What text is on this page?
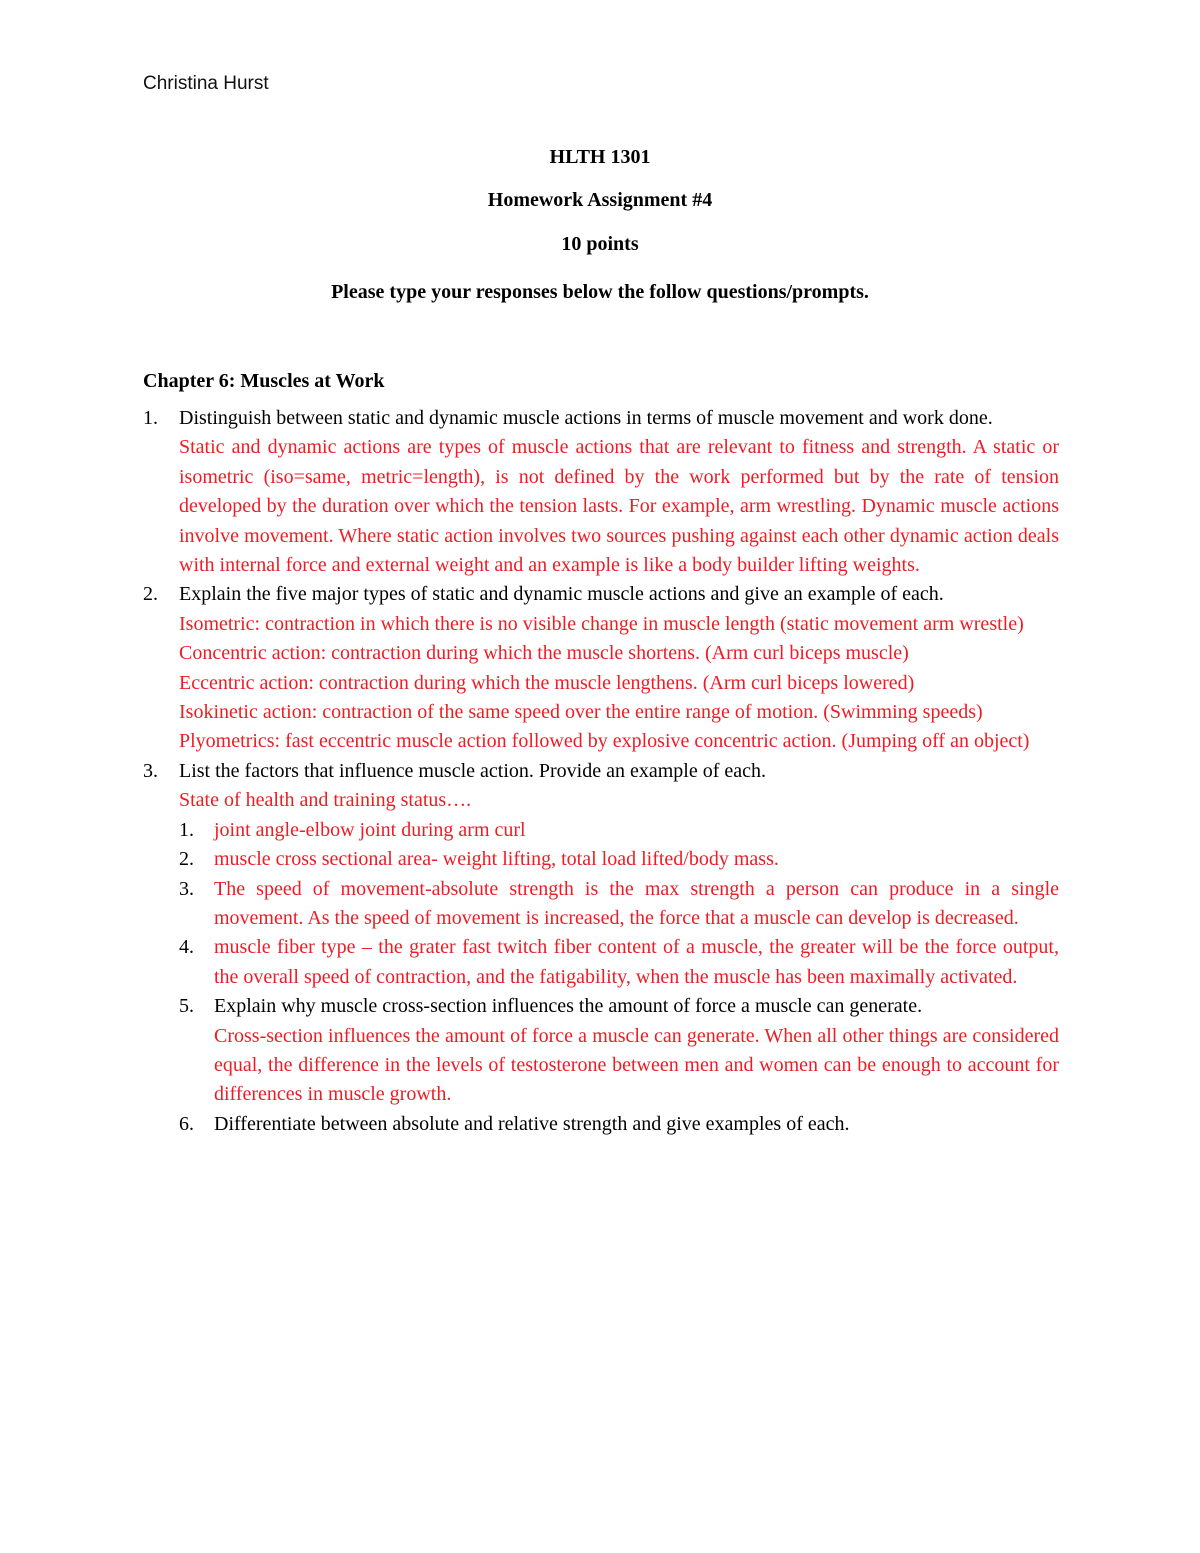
Christina Hurst
HLTH 1301
Homework Assignment #4
10 points
Please type your responses below the follow questions/prompts.
Chapter 6: Muscles at Work
1.	Distinguish between static and dynamic muscle actions in terms of muscle movement and work done.
Static and dynamic actions are types of muscle actions that are relevant to fitness and strength. A static or isometric (iso=same, metric=length), is not defined by the work performed but by the rate of tension developed by the duration over which the tension lasts. For example, arm wrestling. Dynamic muscle actions involve movement. Where static action involves two sources pushing against each other dynamic action deals with internal force and external weight and an example is like a body builder lifting weights.
2.	Explain the five major types of static and dynamic muscle actions and give an example of each.
Isometric: contraction in which there is no visible change in muscle length (static movement arm wrestle)
Concentric action: contraction during which the muscle shortens. (Arm curl biceps muscle)
Eccentric action: contraction during which the muscle lengthens. (Arm curl biceps lowered)
Isokinetic action: contraction of the same speed over the entire range of motion. (Swimming speeds)
Plyometrics: fast eccentric muscle action followed by explosive concentric action. (Jumping off an object)
3.	List the factors that influence muscle action. Provide an example of each.
State of health and training status….
1.	joint angle-elbow joint during arm curl
2.	muscle cross sectional area- weight lifting, total load lifted/body mass.
3.	The speed of movement-absolute strength is the max strength a person can produce in a single movement. As the speed of movement is increased, the force that a muscle can develop is decreased.
4.	muscle fiber type – the grater fast twitch fiber content of a muscle, the greater will be the force output, the overall speed of contraction, and the fatigability, when the muscle has been maximally activated.
5.	Explain why muscle cross-section influences the amount of force a muscle can generate.
Cross-section influences the amount of force a muscle can generate. When all other things are considered equal, the difference in the levels of testosterone between men and women can be enough to account for differences in muscle growth.
6.	Differentiate between absolute and relative strength and give examples of each.
